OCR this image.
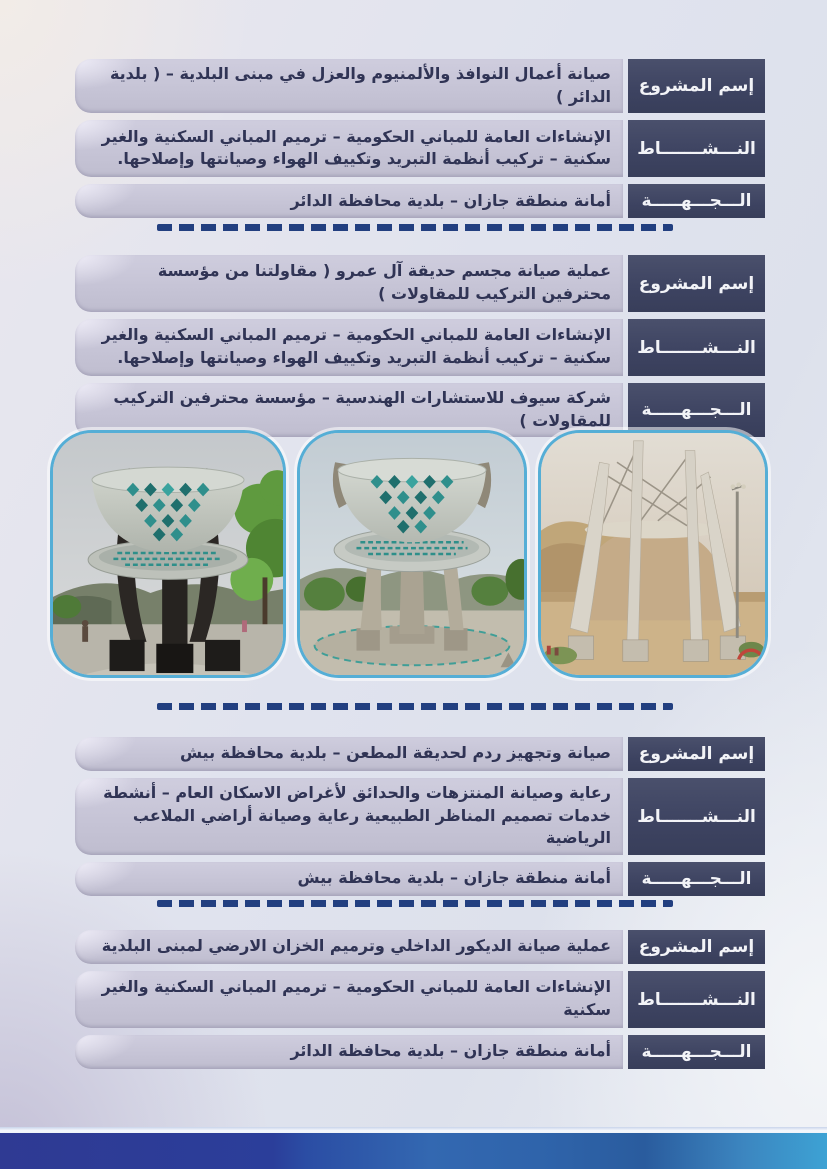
إسم المشروع
صيانة أعمال النوافذ والألمنيوم والعزل في مبنى البلدية – ( بلدية الدائر )
النـــشـــــــاط
الإنشاءات العامة للمباني الحكومية – ترميم المباني السكنية والغير سكنية – تركيب أنظمة التبريد وتكييف الهواء وصيانتها وإصلاحها.
الـــجـــهـــــة
أمانة منطقة جازان – بلدية محافظة الدائر
إسم المشروع
عملية صيانة مجسم حديقة آل عمرو ( مقاولتنا من مؤسسة محترفين التركيب للمقاولات )
النـــشـــــــاط
الإنشاءات العامة للمباني الحكومية – ترميم المباني السكنية والغير سكنية – تركيب أنظمة التبريد وتكييف الهواء وصيانتها وإصلاحها.
الـــجـــهـــــة
شركة سيوف للاستشارات الهندسية – مؤسسة محترفين التركيب للمقاولات )
إسم المشروع
صيانة وتجهيز ردم لحديقة المطعن – بلدية محافظة بيش
النـــشـــــــاط
رعاية وصيانة المنتزهات والحدائق لأغراض الاسكان العام – أنشطة خدمات تصميم المناظر الطبيعية رعاية وصيانة أراضي الملاعب الرياضية
الـــجـــهـــــة
أمانة منطقة جازان – بلدية محافظة بيش
إسم المشروع
عملية صيانة الديكور الداخلي وترميم الخزان الارضي لمبنى البلدية
النـــشـــــــاط
الإنشاءات العامة للمباني الحكومية – ترميم المباني السكنية والغير سكنية
الـــجـــهـــــة
أمانة منطقة جازان – بلدية محافظة الدائر
